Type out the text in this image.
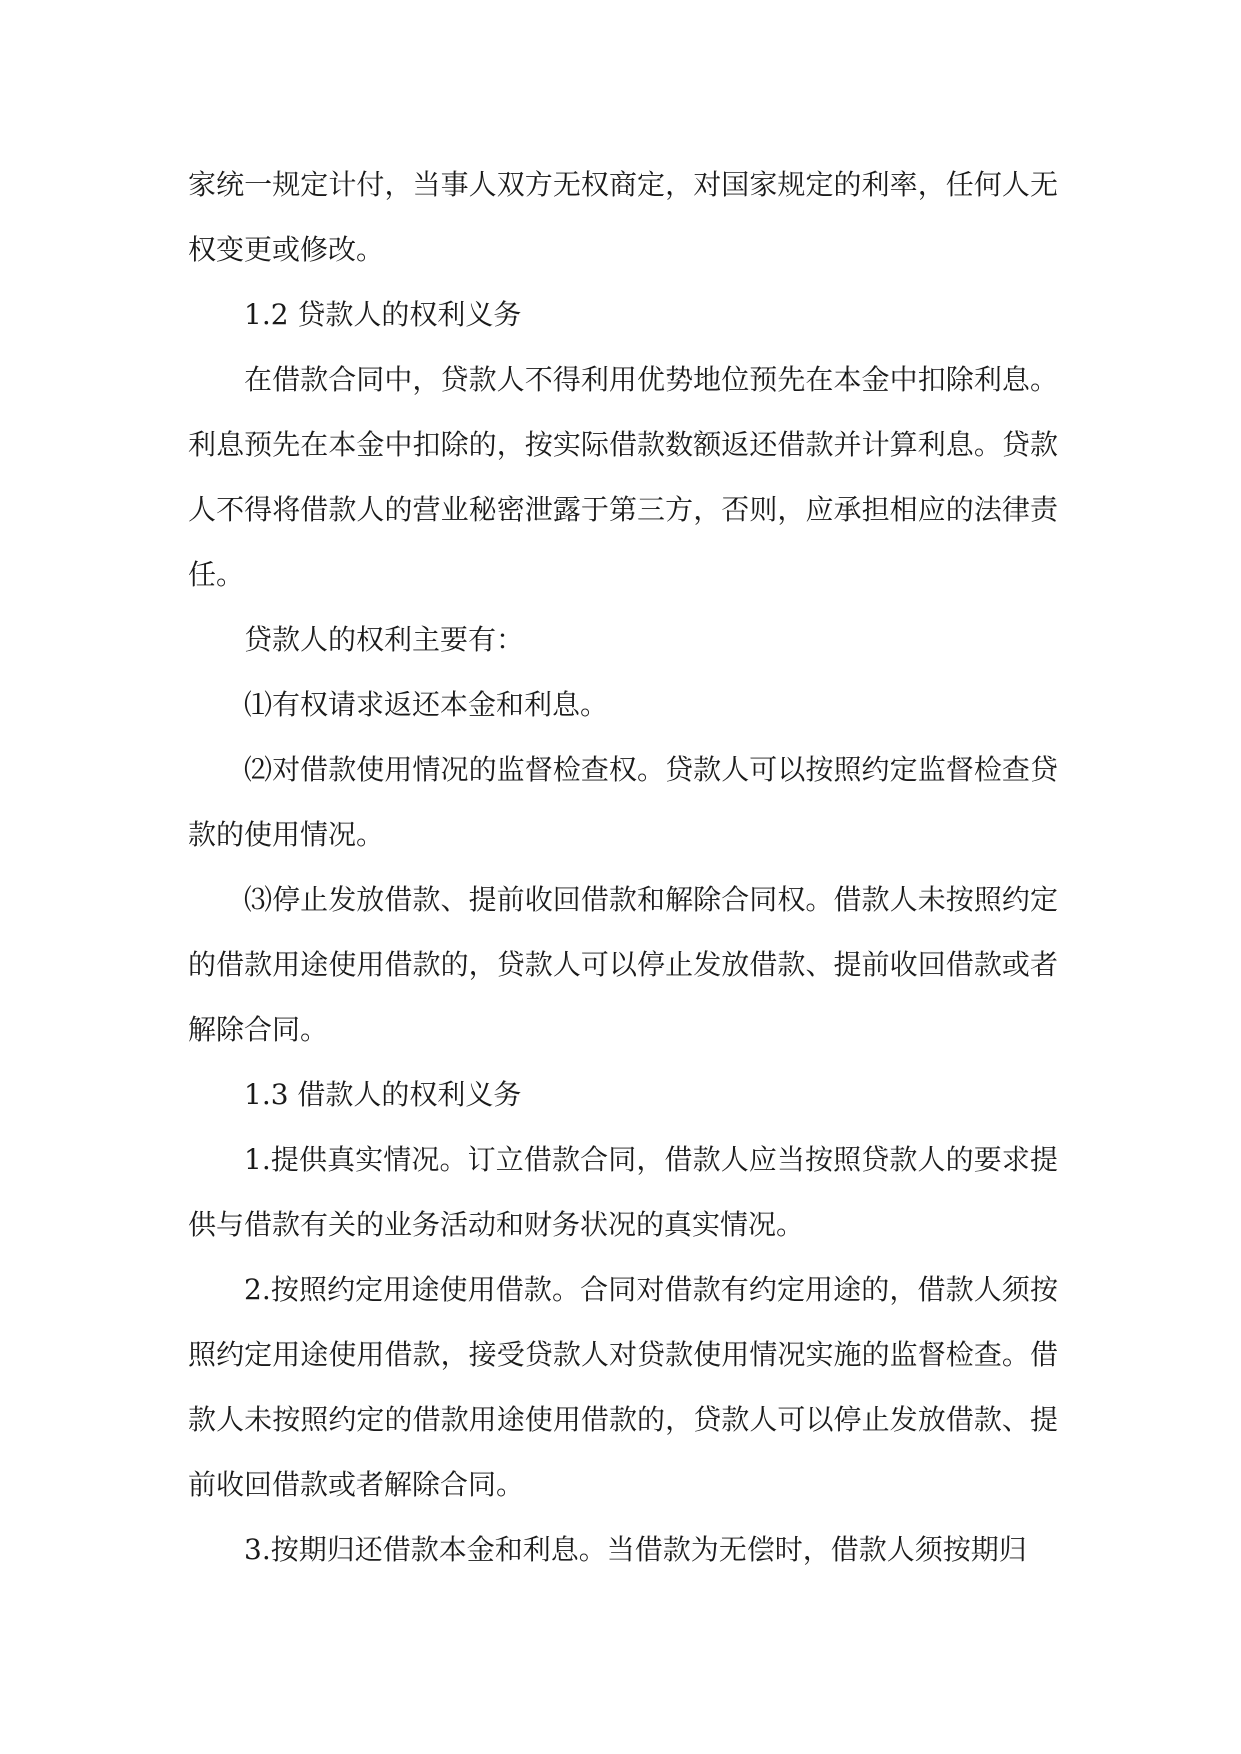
家统一规定计付，当事人双方无权商定，对国家规定的利率，任何人无权变更或修改。

1.2 贷款人的权利义务

在借款合同中，贷款人不得利用优势地位预先在本金中扣除利息。利息预先在本金中扣除的，按实际借款数额返还借款并计算利息。贷款人不得将借款人的营业秘密泄露于第三方，否则，应承担相应的法律责任。

贷款人的权利主要有：

⑴有权请求返还本金和利息。

⑵对借款使用情况的监督检查权。贷款人可以按照约定监督检查贷款的使用情况。

⑶停止发放借款、提前收回借款和解除合同权。借款人未按照约定的借款用途使用借款的，贷款人可以停止发放借款、提前收回借款或者解除合同。

1.3 借款人的权利义务

1.提供真实情况。订立借款合同，借款人应当按照贷款人的要求提供与借款有关的业务活动和财务状况的真实情况。

2.按照约定用途使用借款。合同对借款有约定用途的，借款人须按照约定用途使用借款，接受贷款人对贷款使用情况实施的监督检查。借款人未按照约定的借款用途使用借款的，贷款人可以停止发放借款、提前收回借款或者解除合同。

3.按期归还借款本金和利息。当借款为无偿时，借款人须按期归
